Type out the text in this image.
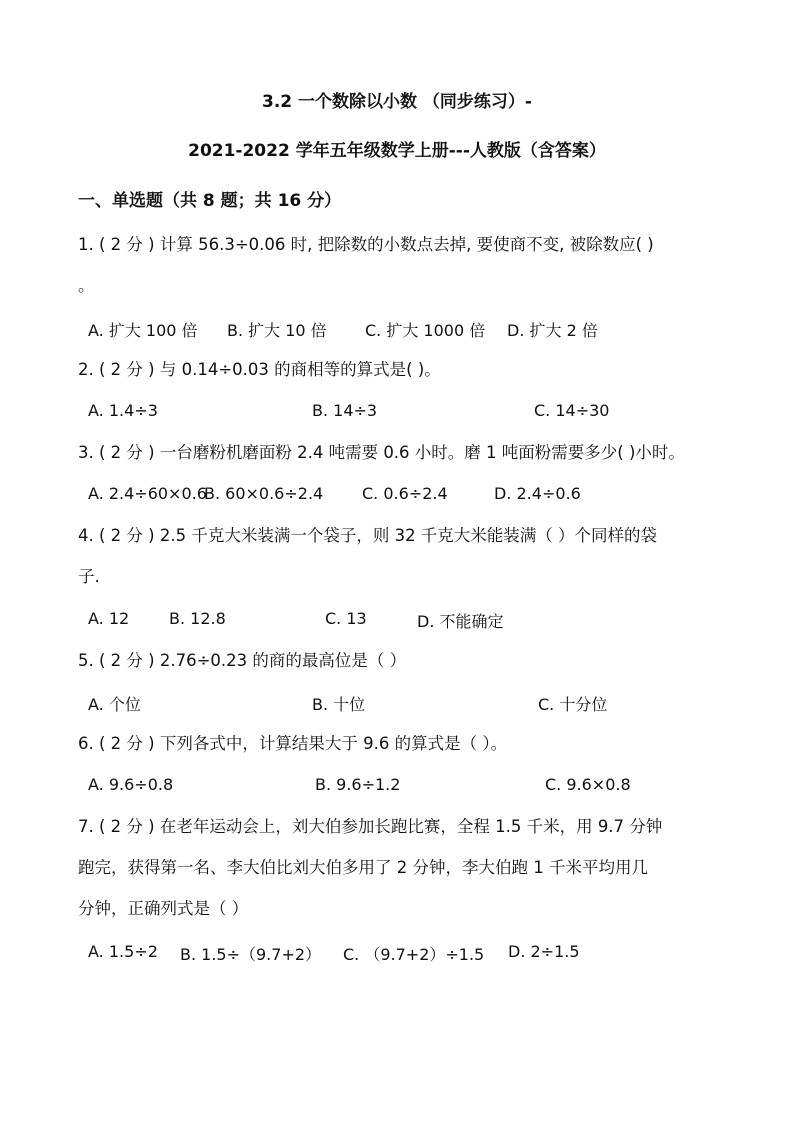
3.2 一个数除以小数 （同步练习）-
2021-2022 学年五年级数学上册---人教版（含答案）
一、单选题（共 8 题；共 16 分）
1. ( 2 分 ) 计算 56.3÷0.06 时, 把除数的小数点去掉, 要使商不变, 被除数应( )
。
A. 扩大 100 倍 B. 扩大 10 倍 C. 扩大 1000 倍 D. 扩大 2 倍
2. ( 2 分 ) 与 0.14÷0.03 的商相等的算式是( )。
A. 1.4÷3	B. 14÷3	C. 14÷30
3. ( 2 分 ) 一台磨粉机磨面粉 2.4 吨需要 0.6 小时。磨 1 吨面粉需要多少( )小时。
A. 2.4÷60×0.6
B. 60×0.6÷2.4 C. 0.6÷2.4	D. 2.4÷0.6
4. ( 2 分 ) 2.5 千克大米装满一个袋子，则 32 千克大米能装满（ ）个同样的袋
子.
A. 12 B. 12.8	C. 13	D. 不能确定
5. ( 2 分 ) 2.76÷0.23 的商的最高位是（ ）
A. 个位	B. 十位	C. 十分位
6. ( 2 分 ) 下列各式中，计算结果大于 9.6 的算式是（ ）。
A. 9.6÷0.8	B. 9.6÷1.2	C. 9.6×0.8
7. ( 2 分 ) 在老年运动会上，刘大伯参加长跑比赛，全程 1.5 千米，用 9.7 分钟
跑完，获得第一名、李大伯比刘大伯多用了 2 分钟，李大伯跑 1 千米平均用几
分钟，正确列式是（ ）
A. 1.5÷2 B. 1.5÷（9.7+2） C. （9.7+2）÷1.5 D. 2÷1.5
